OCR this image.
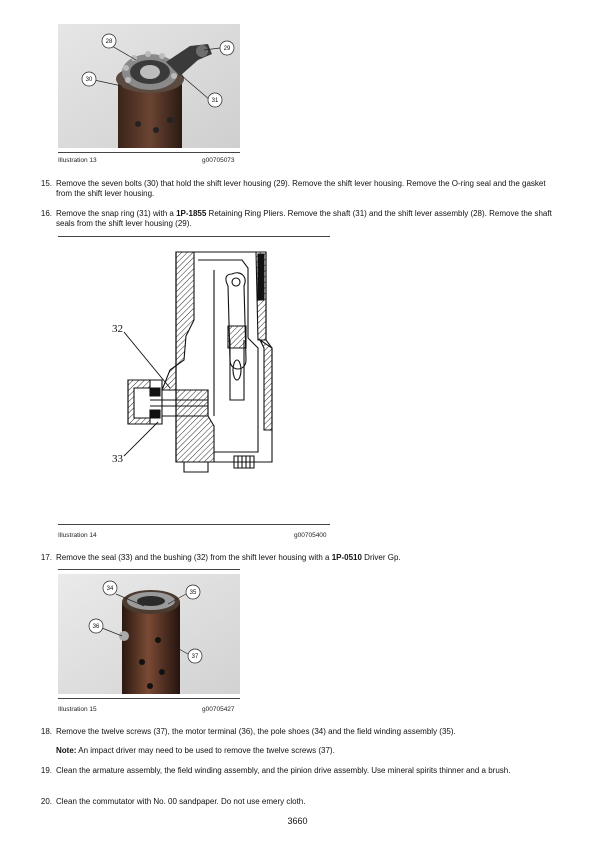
28
29
30
31
Illustration 13	g00705073
15. Remove the seven bolts (30) that hold the shift lever housing (29). Remove the shift lever housing. Remove the O-ring seal and the gasket from the shift lever housing.
16. Remove the snap ring (31) with a 1P-1855 Retaining Ring Pliers. Remove the shaft (31) and the shift lever assembly (28). Remove the shaft seals from the shift lever housing (29).
32
33
Illustration 14	g00705400
17. Remove the seal (33) and the bushing (32) from the shift lever housing with a 1P-0510 Driver Gp.
34
35
36
37
Illustration 15	g00705427
18. Remove the twelve screws (37), the motor terminal (36), the pole shoes (34) and the field winding assembly (35).
Note: An impact driver may need to be used to remove the twelve screws (37).
19. Clean the armature assembly, the field winding assembly, and the pinion drive assembly. Use mineral spirits thinner and a brush.
20. Clean the commutator with No. 00 sandpaper. Do not use emery cloth.
3660
